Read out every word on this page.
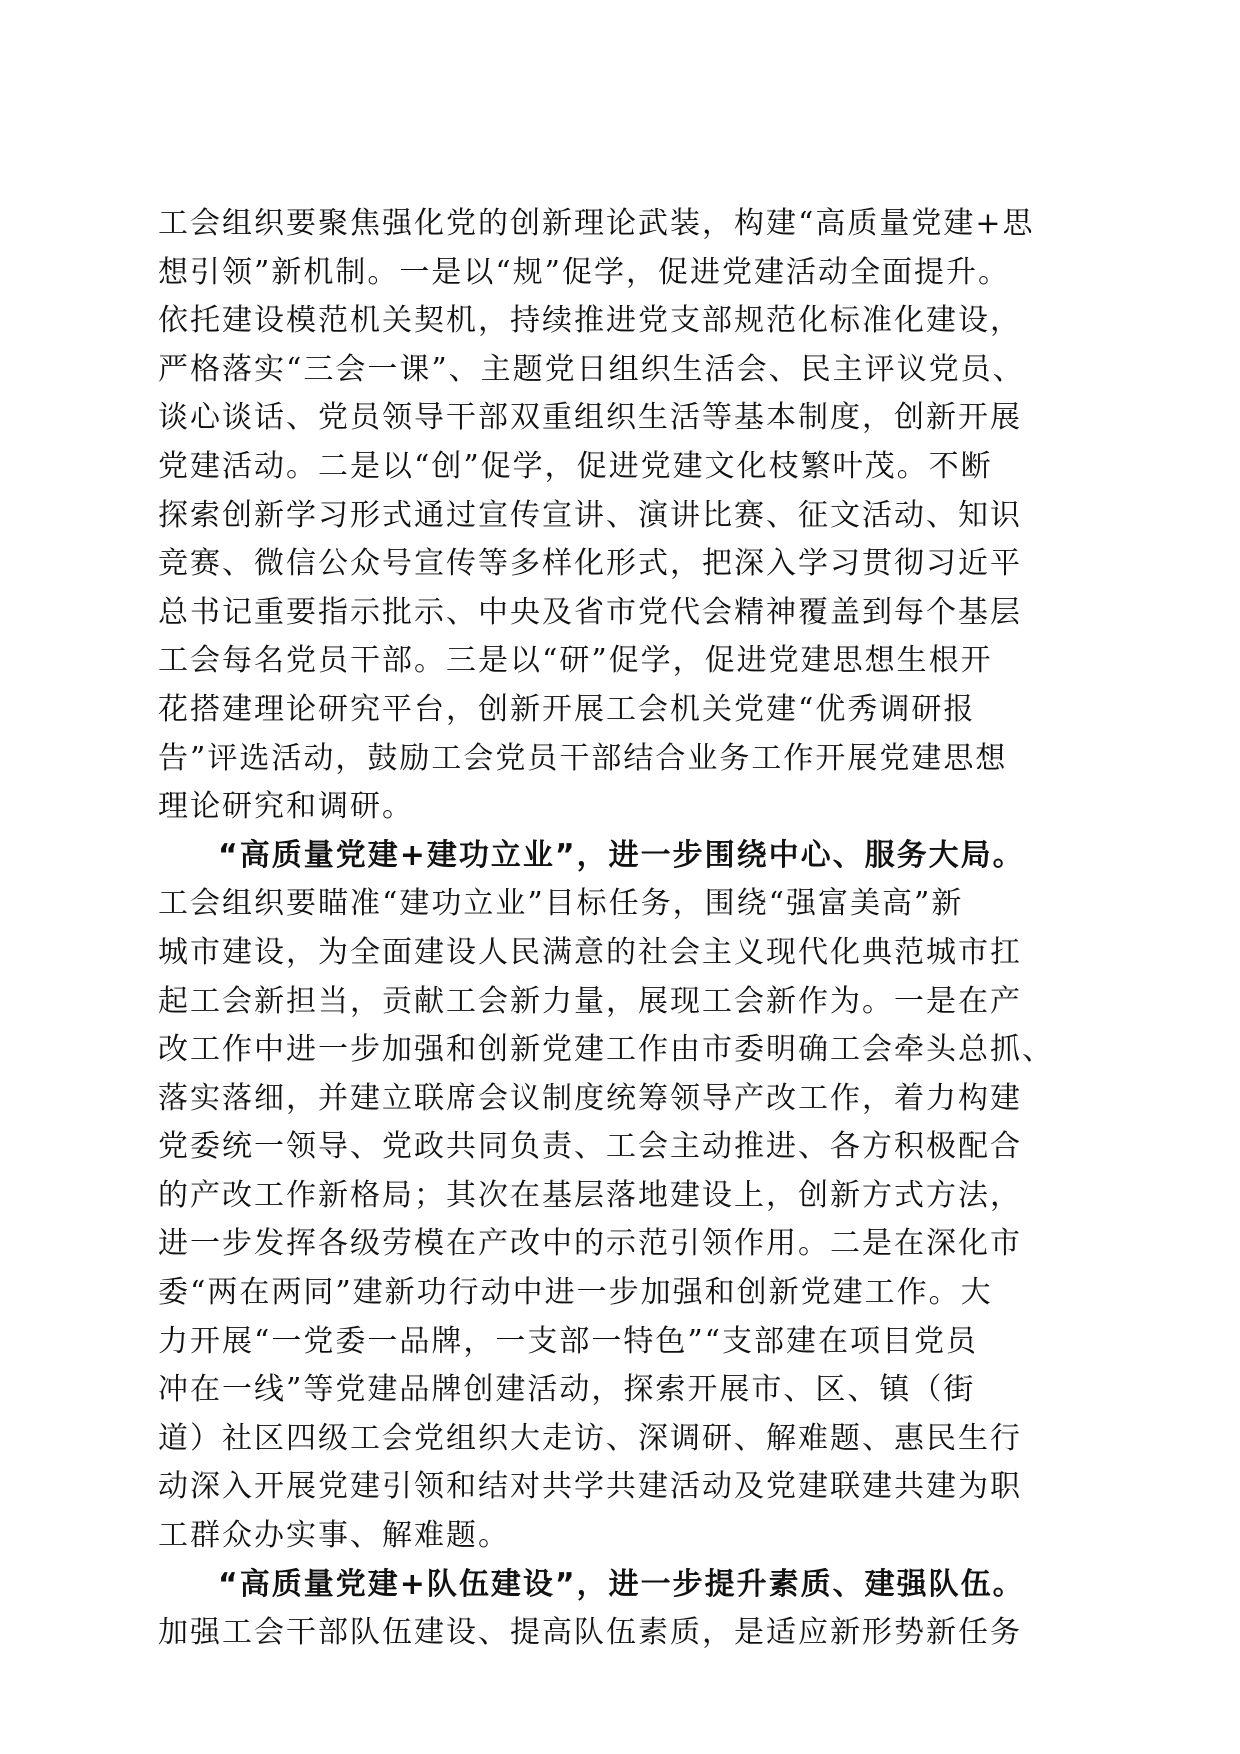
工会组织要聚焦强化党的创新理论武装，构建“高质量党建+思
想引领”新机制。一是以“规”促学，促进党建活动全面提升。
依托建设模范机关契机，持续推进党支部规范化标准化建设，
严格落实“三会一课”、主题党日组织生活会、民主评议党员、
谈心谈话、党员领导干部双重组织生活等基本制度，创新开展
党建活动。二是以“创”促学，促进党建文化枝繁叶茂。不断
探索创新学习形式通过宣传宣讲、演讲比赛、征文活动、知识
竞赛、微信公众号宣传等多样化形式，把深入学习贯彻习近平
总书记重要指示批示、中央及省市党代会精神覆盖到每个基层
工会每名党员干部。三是以“研”促学，促进党建思想生根开
花搭建理论研究平台，创新开展工会机关党建“优秀调研报
告”评选活动，鼓励工会党员干部结合业务工作开展党建思想
理论研究和调研。
“高质量党建+建功立业”，进一步围绕中心、服务大局。
工会组织要瞄准“建功立业”目标任务，围绕“强富美高”新
城市建设，为全面建设人民满意的社会主义现代化典范城市扛
起工会新担当，贡献工会新力量，展现工会新作为。一是在产
改工作中进一步加强和创新党建工作由市委明确工会牵头总抓、
落实落细，并建立联席会议制度统筹领导产改工作，着力构建
党委统一领导、党政共同负责、工会主动推进、各方积极配合
的产改工作新格局；其次在基层落地建设上，创新方式方法，
进一步发挥各级劳模在产改中的示范引领作用。二是在深化市
委“两在两同”建新功行动中进一步加强和创新党建工作。大
力开展“一党委一品牌，一支部一特色”“支部建在项目党员
冲在一线”等党建品牌创建活动，探索开展市、区、镇（街
道）社区四级工会党组织大走访、深调研、解难题、惠民生行
动深入开展党建引领和结对共学共建活动及党建联建共建为职
工群众办实事、解难题。
“高质量党建+队伍建设”，进一步提升素质、建强队伍。
加强工会干部队伍建设、提高队伍素质，是适应新形势新任务
